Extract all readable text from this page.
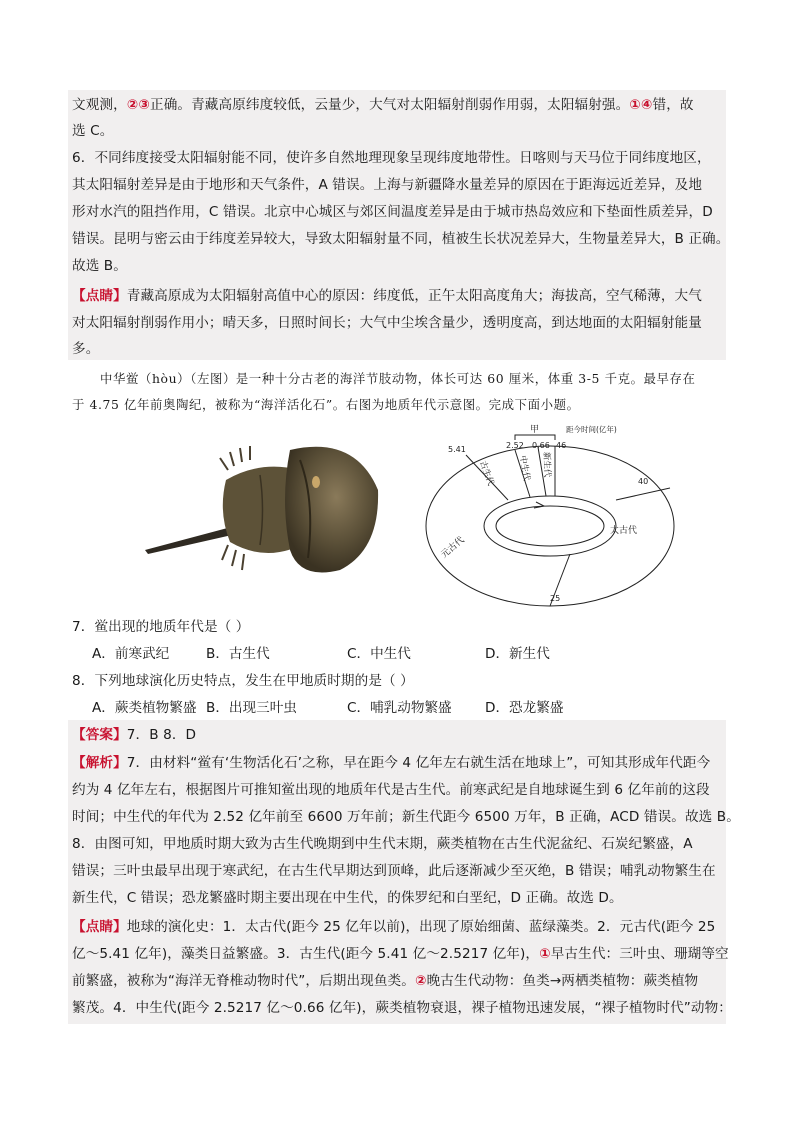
文观测，②③正确。青藏高原纬度较低，云量少，大气对太阳辐射削弱作用弱，太阳辐射强。①④错，故
选 C。
6．不同纬度接受太阳辐射能不同，使许多自然地理现象呈现纬度地带性。日喀则与天马位于同纬度地区，
其太阳辐射差异是由于地形和天气条件，A 错误。上海与新疆降水量差异的原因在于距海远近差异，及地
形对水汽的阻挡作用，C 错误。北京中心城区与郊区间温度差异是由于城市热岛效应和下垫面性质差异，D
错误。昆明与密云由于纬度差异较大，导致太阳辐射量不同，植被生长状况差异大，生物量差异大，B 正确。
故选 B。
【点睛】青藏高原成为太阳辐射高值中心的原因：纬度低，正午太阳高度角大；海拔高，空气稀薄，大气
对太阳辐射削弱作用小；晴天多，日照时间长；大气中尘埃含量少，透明度高，到达地面的太阳辐射能量
多。
中华鲎（hòu）（左图）是一种十分古老的海洋节肢动物，体长可达 60 厘米，体重 3-5 千克。最早存在
于 4.75 亿年前奥陶纪，被称为“海洋活化石”。右图为地质年代示意图。完成下面小题。
甲	距今时间(亿年)
5.41	2.52 0.66 46
40
25
古生代	中生代 新生代
太古代
元古代
7．鲎出现的地质年代是（ ）
A．前寒武纪	B．古生代	C．中生代	D．新生代
8．下列地球演化历史特点，发生在甲地质时期的是（ ）
A．蕨类植物繁盛 B．出现三叶虫	C．哺乳动物繁盛 D．恐龙繁盛
【答案】7．B 8．D
【解析】7．由材料“鲎有‘生物活化石’之称，早在距今 4 亿年左右就生活在地球上”，可知其形成年代距今
约为 4 亿年左右，根据图片可推知鲎出现的地质年代是古生代。前寒武纪是自地球诞生到 6 亿年前的这段
时间；中生代的年代为 2.52 亿年前至 6600 万年前；新生代距今 6500 万年，B 正确，ACD 错误。故选 B。
8．由图可知，甲地质时期大致为古生代晚期到中生代末期，蕨类植物在古生代泥盆纪、石炭纪繁盛，A
错误；三叶虫最早出现于寒武纪，在古生代早期达到顶峰，此后逐渐减少至灭绝，B 错误；哺乳动物繁生在
新生代，C 错误；恐龙繁盛时期主要出现在中生代，的侏罗纪和白垩纪，D 正确。故选 D。
【点睛】地球的演化史：1．太古代(距今 25 亿年以前)，出现了原始细菌、蓝绿藻类。2．元古代(距今 25
亿～5.41 亿年)，藻类日益繁盛。3．古生代(距今 5.41 亿～2.5217 亿年)，①早古生代：三叶虫、珊瑚等空
前繁盛，被称为“海洋无脊椎动物时代”，后期出现鱼类。②晚古生代动物：鱼类→两栖类植物：蕨类植物
繁茂。4．中生代(距今 2.5217 亿～0.66 亿年)，蕨类植物衰退，裸子植物迅速发展，“裸子植物时代”动物：
